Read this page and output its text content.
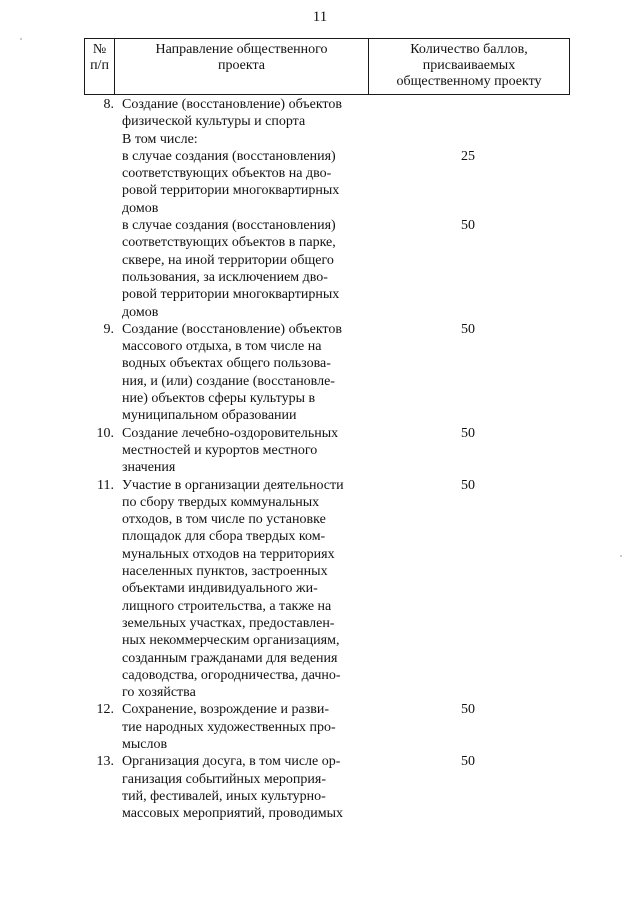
11
№
п/п
Направление общественного
проекта
Количество баллов,
присваиваемых
общественному проекту
8. Создание (восстановление) объектов
физической культуры и спорта
В том числе:
в случае создания (восстановления)
соответствующих объектов на дво-
ровой территории многоквартирных
домов
25
в случае создания (восстановления)
соответствующих объектов в парке,
сквере, на иной территории общего
пользования, за исключением дво-
ровой территории многоквартирных
домов
50
9. Создание (восстановление) объектов
массового отдыха, в том числе на
водных объектах общего пользова-
ния, и (или) создание (восстановле-
ние) объектов сферы культуры в
муниципальном образовании
50
10. Создание лечебно-оздоровительных
местностей и курортов местного
значения
50
11. Участие в организации деятельности
по сбору твердых коммунальных
отходов, в том числе по установке
площадок для сбора твердых ком-
мунальных отходов на территориях
населенных пунктов, застроенных
объектами индивидуального жи-
лищного строительства, а также на
земельных участках, предоставлен-
ных некоммерческим организациям,
созданным гражданами для ведения
садоводства, огородничества, дачно-
го хозяйства
50
12. Сохранение, возрождение и разви-
тие народных художественных про-
мыслов
50
13. Организация досуга, в том числе ор-
ганизация событийных мероприя-
тий, фестивалей, иных культурно-
массовых мероприятий, проводимых
50
